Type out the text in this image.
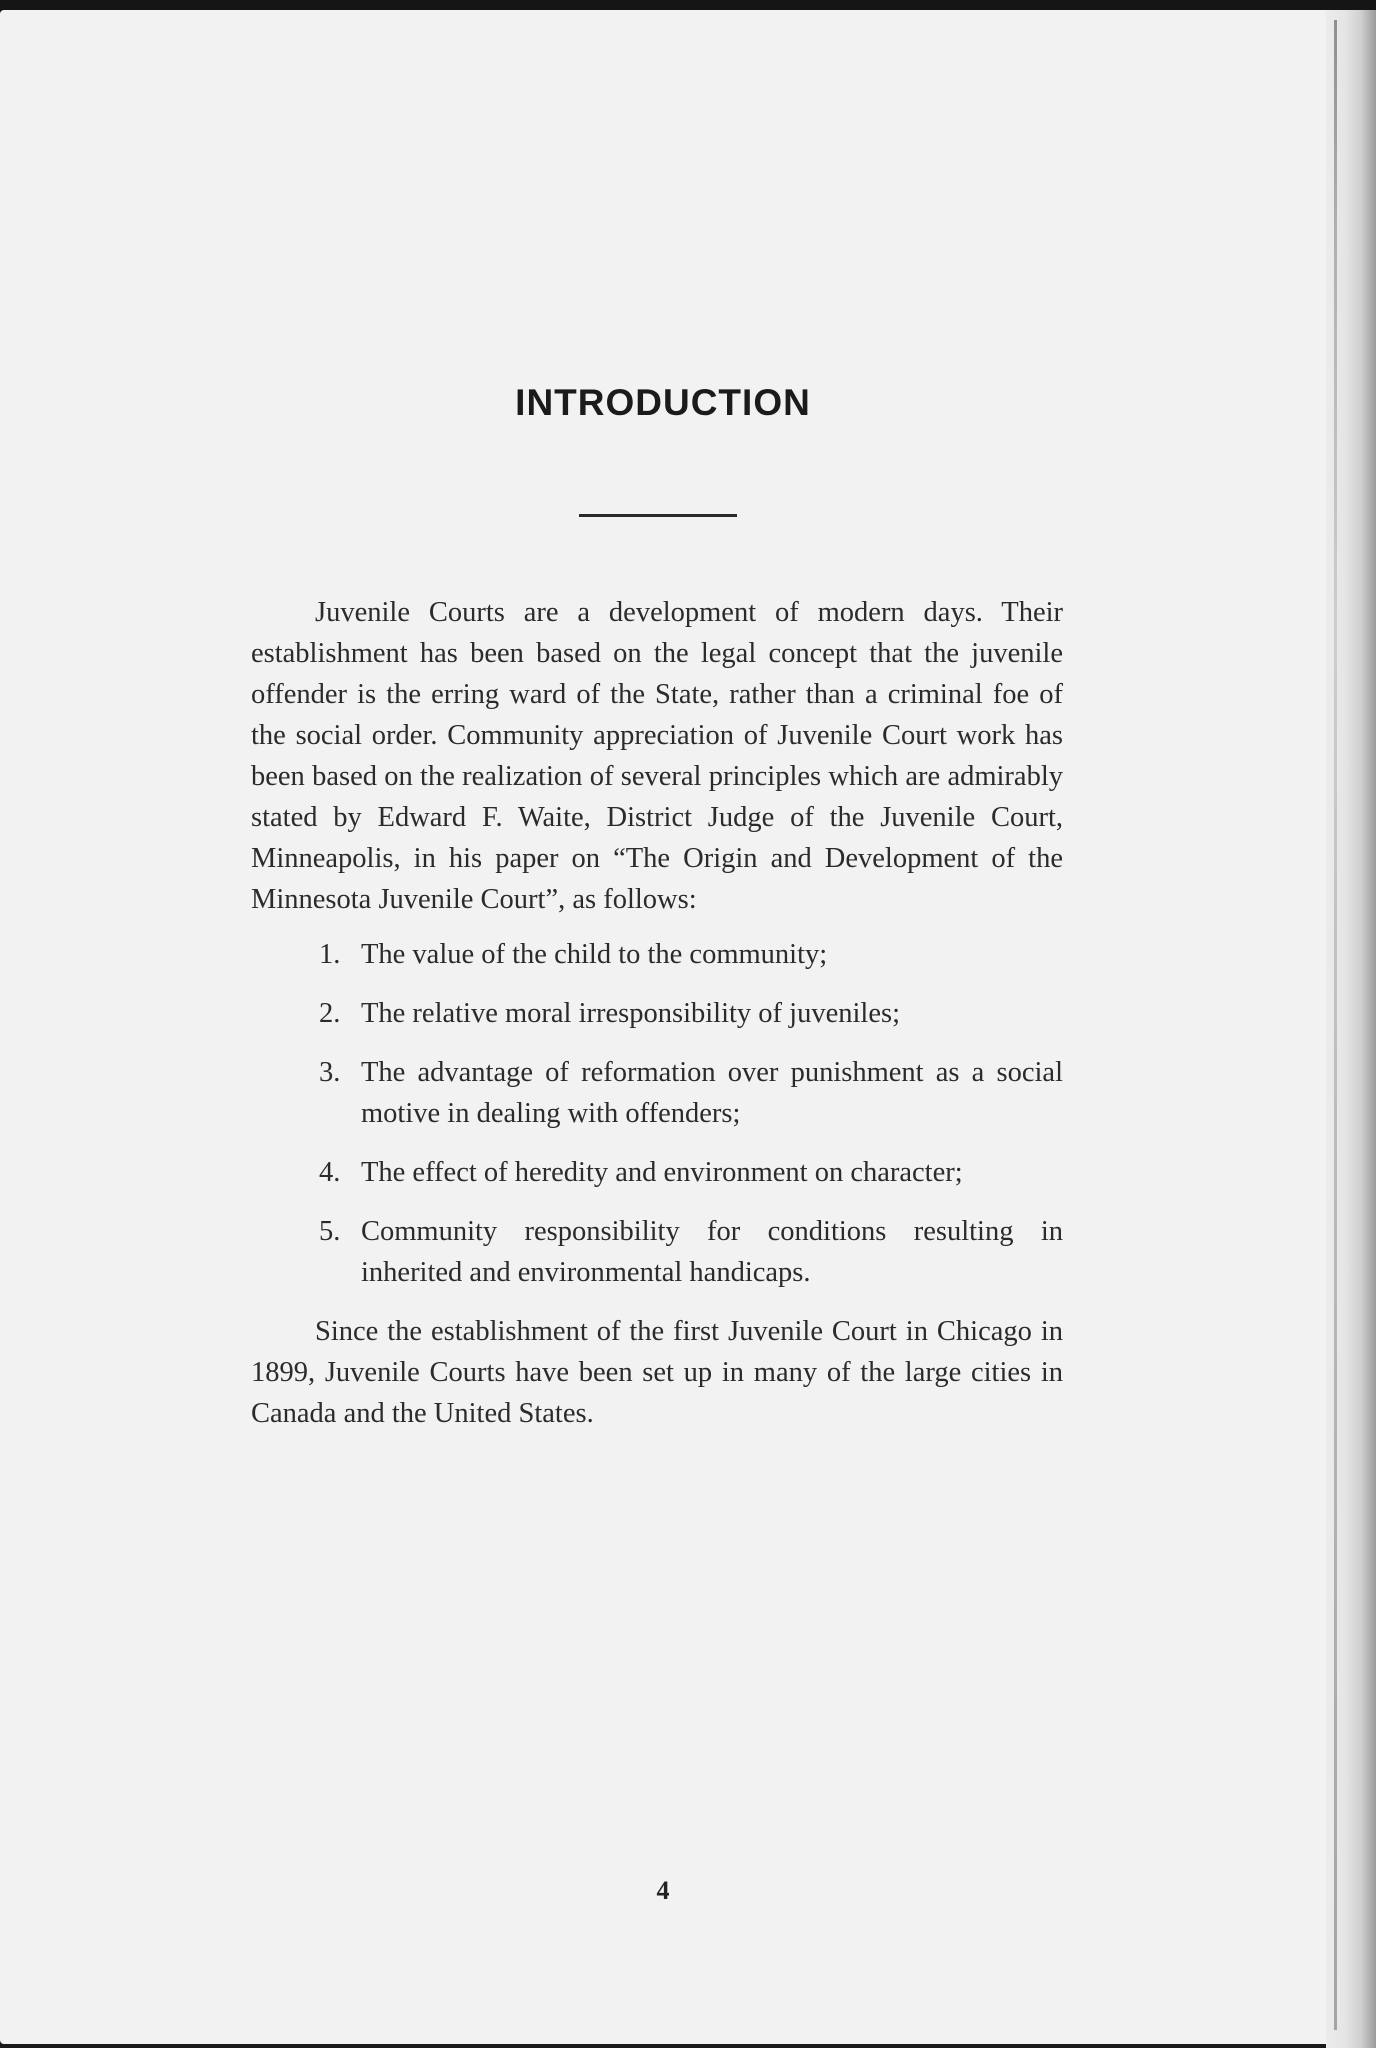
INTRODUCTION

Juvenile Courts are a development of modern days. Their establishment has been based on the legal concept that the juvenile offender is the erring ward of the State, rather than a criminal foe of the social order. Community appreciation of Juvenile Court work has been based on the realization of several principles which are admirably stated by Edward F. Waite, District Judge of the Juvenile Court, Minneapolis, in his paper on “The Origin and Development of the Minnesota Juvenile Court”, as follows:

1. The value of the child to the community;
2. The relative moral irresponsibility of juveniles;
3. The advantage of reformation over punishment as a social motive in dealing with offenders;
4. The effect of heredity and environment on character;
5. Community responsibility for conditions resulting in inherited and environmental handicaps.

Since the establishment of the first Juvenile Court in Chicago in 1899, Juvenile Courts have been set up in many of the large cities in Canada and the United States.

4
